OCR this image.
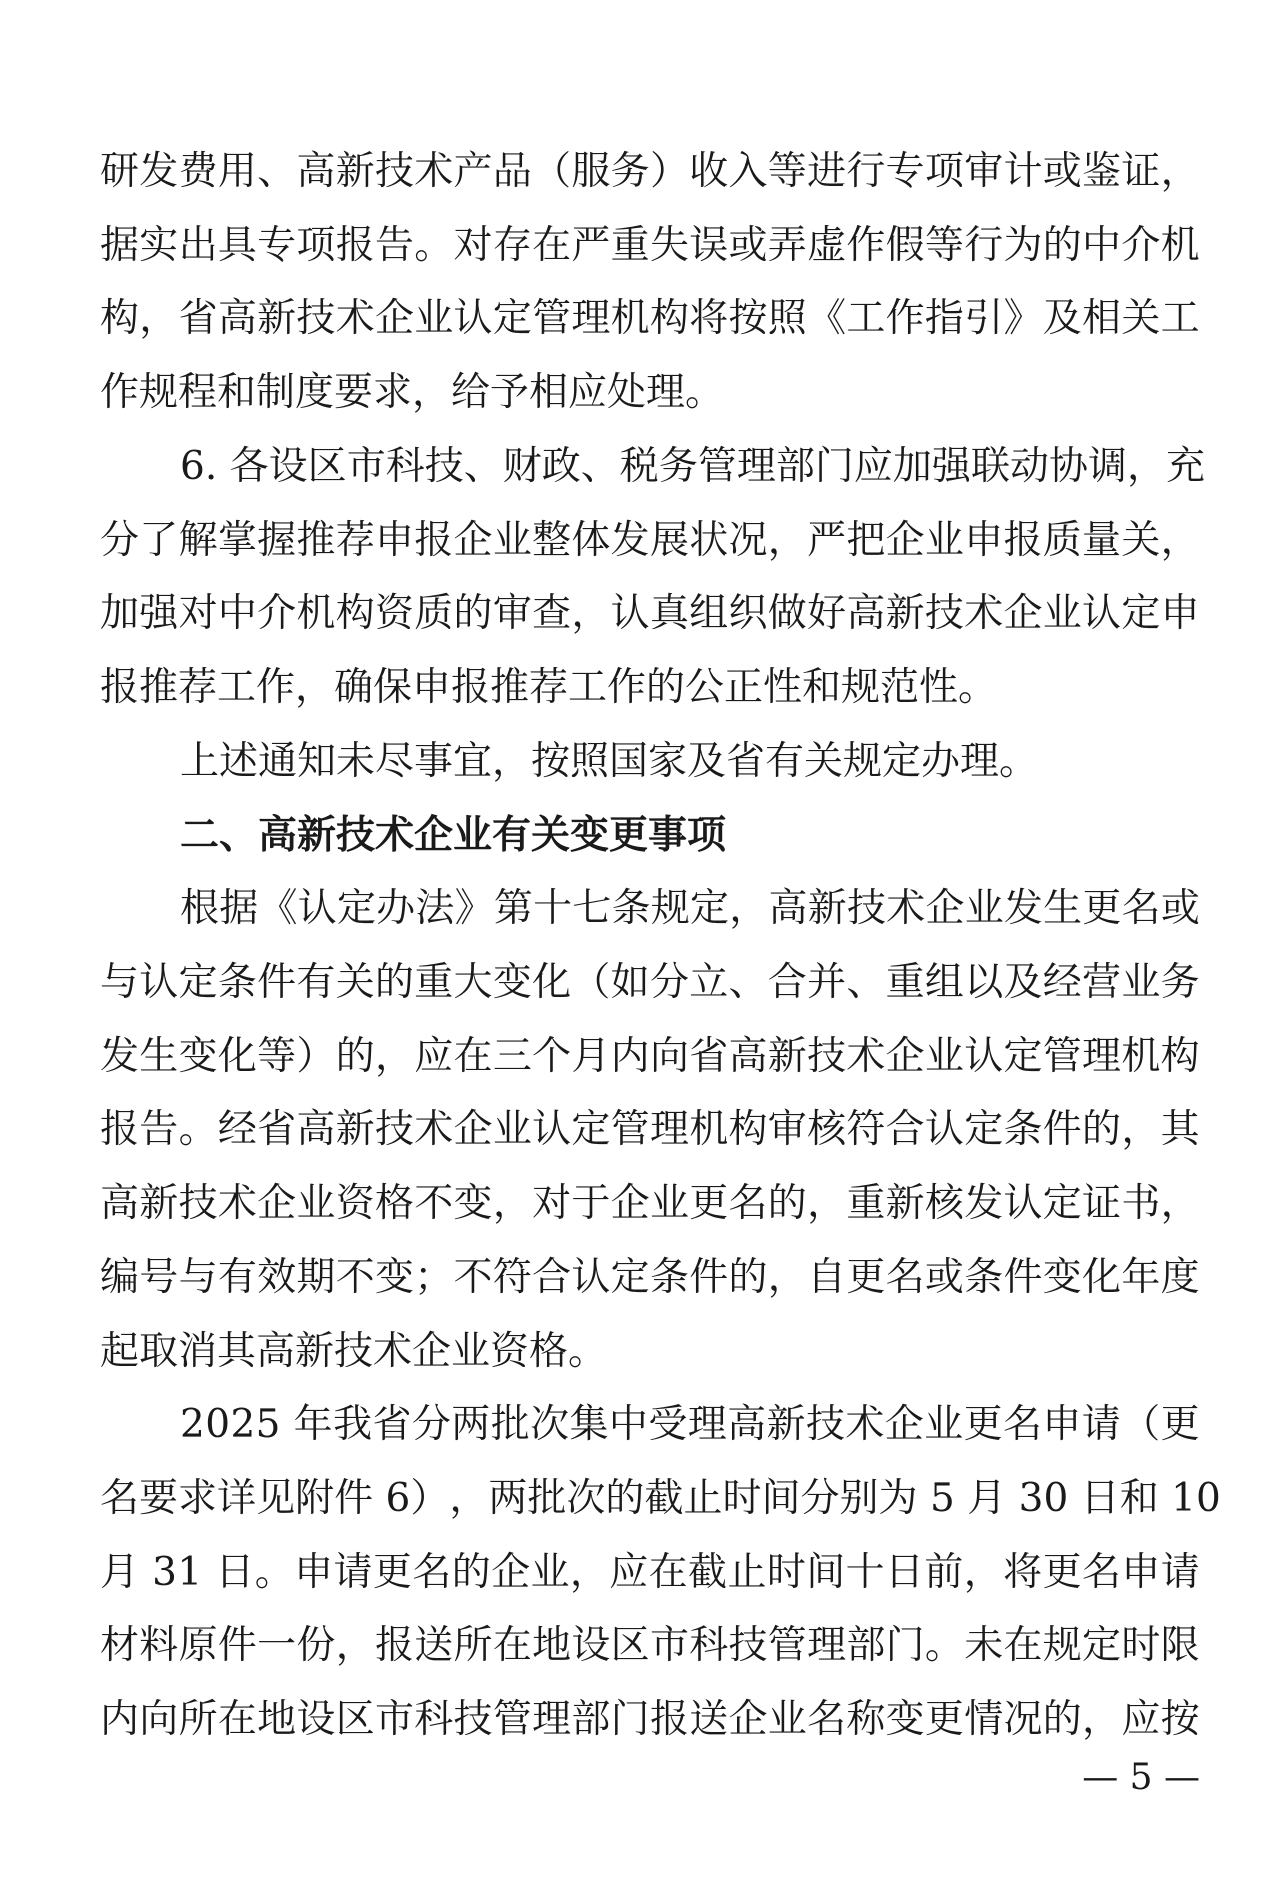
研 发 费 用 、 高 新 技 术 产 品 （ 服 务 ） 收 入 等 进 行 专 项 审 计 或 鉴 证 ，
据 实 出 具 专 项 报 告 。 对 存 在 严 重 失 误 或 弄 虚 作 假 等 行 为 的 中 介 机
构 ， 省 高 新 技 术 企 业 认 定 管 理 机 构 将 按 照 《 工 作 指 引 》 及 相 关 工
作规程和制度要求，给予相应处理。
6 .
各 设 区 市 科 技 、 财 政 、 税 务 管 理 部 门 应 加 强 联 动 协 调 ， 充
分 了 解 掌 握 推 荐 申 报 企 业 整 体 发 展 状 况 ， 严 把 企 业 申 报 质 量 关 ，
加 强 对 中 介 机 构 资 质 的 审 查 ， 认 真 组 织 做 好 高 新 技 术 企 业 认 定 申
报推荐工作，确保申报推荐工作的公正性和规范性。
上述通知未尽事宜，按照国家及省有关规定办理。
二、高新技术企业有关变更事项
根 据 《 认 定 办 法 》 第 十 七 条 规 定 ， 高 新 技 术 企 业 发 生 更 名 或
与 认 定 条 件 有 关 的 重 大 变 化 （ 如 分 立 、 合 并 、 重 组 以 及 经 营 业 务
发 生 变 化 等 ） 的 ， 应 在 三 个 月 内 向 省 高 新 技 术 企 业 认 定 管 理 机 构
报 告 。 经 省 高 新 技 术 企 业 认 定 管 理 机 构 审 核 符 合 认 定 条 件 的 ， 其
高 新 技 术 企 业 资 格 不 变 ， 对 于 企 业 更 名 的 ， 重 新 核 发 认 定 证 书 ，
编 号 与 有 效 期 不 变 ； 不 符 合 认 定 条 件 的 ， 自 更 名 或 条 件 变 化 年 度
起取消其高新技术企业资格。
2 0 2 5
年 我 省 分 两 批 次 集 中 受 理 高 新 技 术 企 业 更 名 申 请 （ 更
名 要 求 详 见 附 件
6 ） ， 两 批 次 的 截 止 时 间 分 别 为
5
月
3 0
日 和
1 0
月
3 1
日 。 申 请 更 名 的 企 业 ， 应 在 截 止 时 间 十 日 前 ， 将 更 名 申 请
材 料 原 件 一 份 ， 报 送 所 在 地 设 区 市 科 技 管 理 部 门 。 未 在 规 定 时 限
内 向 所 在 地 设 区 市 科 技 管 理 部 门 报 送 企 业 名 称 变 更 情 况 的 ， 应 按
— 5 —
